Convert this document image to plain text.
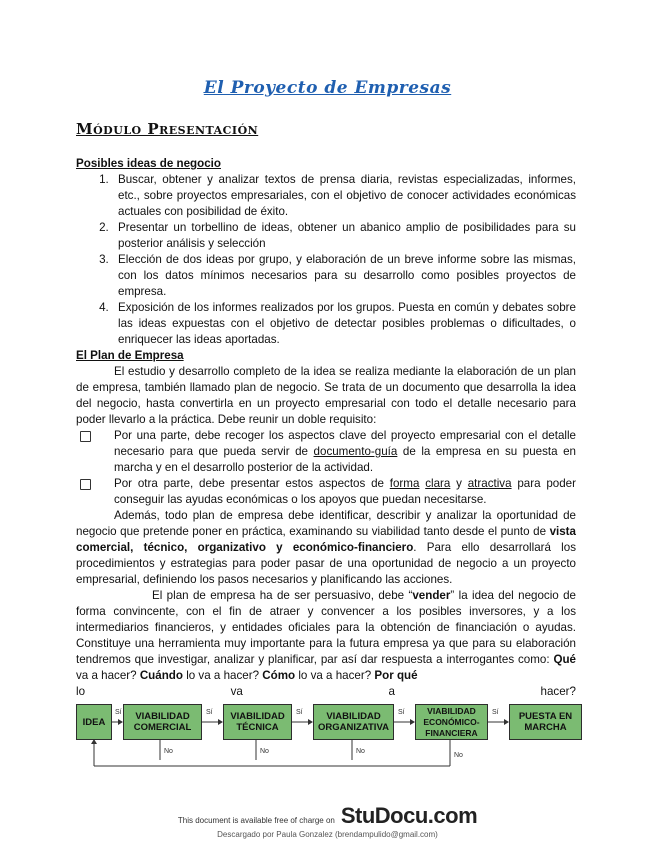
El Proyecto de Empresas
Módulo Presentación
Posibles ideas de negocio
1. Buscar, obtener y analizar textos de prensa diaria, revistas especializadas, informes, etc., sobre proyectos empresariales, con el objetivo de conocer actividades económicas actuales con posibilidad de éxito.
2. Presentar un torbellino de ideas, obtener un abanico amplio de posibilidades para su posterior análisis y selección
3. Elección de dos ideas por grupo, y elaboración de un breve informe sobre las mismas, con los datos mínimos necesarios para su desarrollo como posibles proyectos de empresa.
4. Exposición de los informes realizados por los grupos. Puesta en común y debates sobre las ideas expuestas con el objetivo de detectar posibles problemas o dificultades, o enriquecer las ideas aportadas.
El Plan de Empresa

El estudio y desarrollo completo de la idea se realiza mediante la elaboración de un plan de empresa, también llamado plan de negocio. Se trata de un documento que desarrolla la idea del negocio, hasta convertirla en un proyecto empresarial con todo el detalle necesario para poder llevarlo a la práctica. Debe reunir un doble requisito:

Por una parte, debe recoger los aspectos clave del proyecto empresarial con el detalle necesario para que pueda servir de documento-guía de la empresa en su puesta en marcha y en el desarrollo posterior de la actividad.
Por otra parte, debe presentar estos aspectos de forma clara y atractiva para poder conseguir las ayudas económicas o los apoyos que puedan necesitarse.

Además, todo plan de empresa debe identificar, describir y analizar la oportunidad de negocio que pretende poner en práctica, examinando su viabilidad tanto desde el punto de vista comercial, técnico, organizativo y económico-financiero. Para ello desarrollará los procedimientos y estrategias para poder pasar de una oportunidad de negocio a un proyecto empresarial, definiendo los pasos necesarios y planificando las acciones.

El plan de empresa ha de ser persuasivo, debe “vender” la idea del negocio de forma convincente, con el fin de atraer y convencer a los posibles inversores, y a los intermediarios financieros, y entidades oficiales para la obtención de financiación o ayudas. Constituye una herramienta muy importante para la futura empresa ya que para su elaboración tendremos que investigar, analizar y planificar, par así dar respuesta a interrogantes como: Qué va a hacer? Cuándo lo va a hacer? Cómo lo va a hacer? Por qué

lo	va	a	hacer?
IDEA	VIABILIDAD COMERCIAL
VIABILIDAD TÉCNICA
VIABILIDAD ORGANIZATIVA
VIABILIDAD ECONÓMICO-FINANCIERA
PUESTA EN MARCHA
Sí	Sí	Sí	Sí	Sí
No	No	No
No
This document is available free of charge on StuDocu.com
Descargado por Paula Gonzalez (brendampulido@gmail.com)
